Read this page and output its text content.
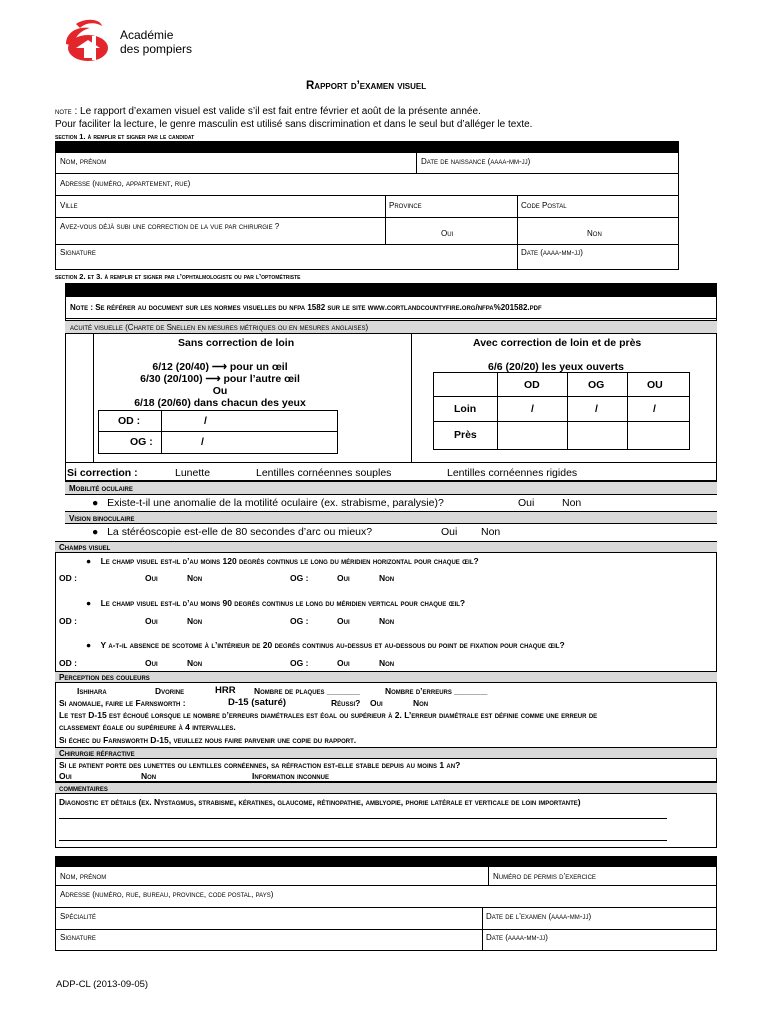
Académie
des pompiers
Rapport d’examen visuel
note : Le rapport d’examen visuel est valide s’il est fait entre février et août de la présente année.
Pour faciliter la lecture, le genre masculin est utilisé sans discrimination et dans le seul but d’alléger le texte.
section 1. à remplir et signer par le candidat
Nom, prénom	Date de naissance (aaaa-mm-jj)
Adresse (numéro, appartement, rue)
Ville	Province	Code Postal
Avez-vous déjà subi une correction de la vue par chirurgie ?
Oui	Non
Signature	Date (aaaa-mm-jj)
section 2. et 3. à remplir et signer par l’ophtalmologiste ou par l’optométriste
Note : Se référer au document sur les normes visuelles du nfpa 1582 sur le site www.cortlandcountyfire.org/nfpa%201582.pdf
acuité visuelle (Charte de Snellen en mesures métriques ou en mesures anglaises)
Sans correction de loin	Avec correction de loin et de près
6/12 (20/40) ⟶ pour un œil
6/30 (20/100) ⟶ pour l’autre œil
Ou
6/18 (20/60) dans chacun des yeux
OD :	/
OG :	/
6/6 (20/20) les yeux ouverts
OD	OG	OU
Loin	/	/	/
Près
Si correction :	Lunette	Lentilles cornéennes souples	Lentilles cornéennes rigides
Mobilité oculaire
●   Existe-t-il une anomalie de la motilité oculaire (ex. strabisme, paralysie)?	Oui	Non
Vision binoculaire
●   La stéréoscopie est-elle de 80 secondes d’arc ou mieux?	Oui Non
Champs visuel
●    Le champ visuel est-il d’au moins 120 degrés continus le long du méridien horizontal pour chaque œil?
OD :	Oui	Non	OG :	Oui	Non
●    Le champ visuel est-il d’au moins 90 degrés continus le long du méridien vertical pour chaque œil?
OD :	Oui	Non	OG :	Oui	Non
●    Y a-t-il absence de scotome à l’intérieur de 20 degrés continus au-dessus et au-dessous du point de fixation pour chaque œil?
OD :	Oui	Non	OG :	Oui	Non
Perception des couleurs
Ishihara	Dvorine	HRR Nombre de plaques _______	Nombre d’erreurs _______
Si anomalie, faire le Farnsworth :	D-15 (saturé)	Réussi? Oui	Non
Le test D-15 est échoué lorsque le nombre d’erreurs diamétrales est égal ou supérieur à 2. L’erreur diamétrale est définie comme une erreur de
classement égale ou supérieure à 4 intervalles.
Si échec du Farnsworth D-15, veuillez nous faire parvenir une copie du rapport.
Chirurgie réfractive
Si le patient porte des lunettes ou lentilles cornéennes, sa réfraction est-elle stable depuis au moins 1 an?
Oui	Non	Information inconnue
commentaires
Diagnostic et détails (ex. Nystagmus, strabisme, kératines, glaucome, rétinopathie, amblyopie, phorie latérale et verticale de loin importante)
Nom, prénom	Numéro de permis d’exercice
Adresse (numéro, rue, bureau, province, code postal, pays)
Spécialité	Date de l’examen (aaaa-mm-jj)
Signature	Date (aaaa-mm-jj)
ADP-CL (2013-09-05)
